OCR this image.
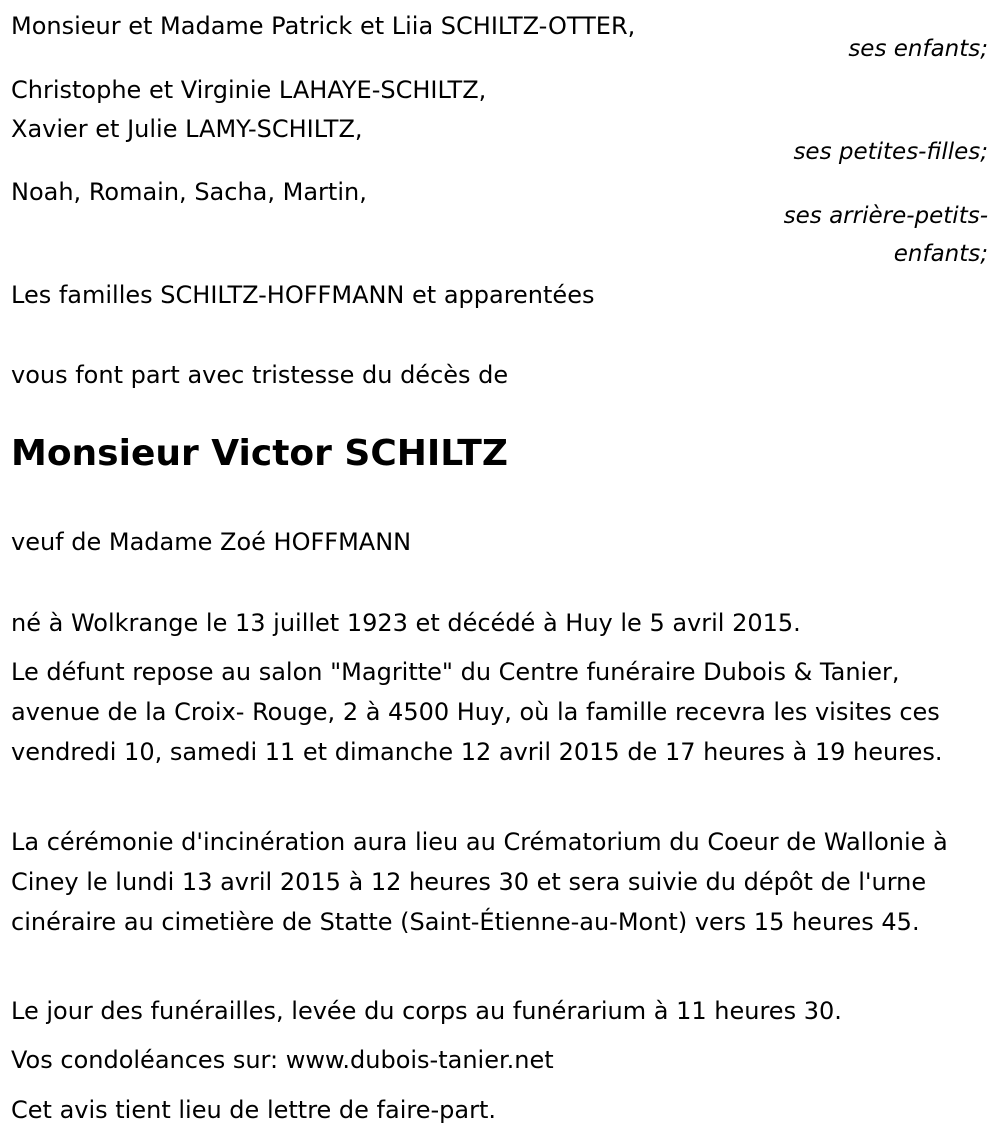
Monsieur et Madame Patrick et Liia SCHILTZ-OTTER,
ses enfants;
Christophe et Virginie LAHAYE-SCHILTZ,
Xavier et Julie LAMY-SCHILTZ,
ses petites-filles;
Noah, Romain, Sacha, Martin,
ses arrière-petits-
enfants;
Les familles SCHILTZ-HOFFMANN et apparentées
vous font part avec tristesse du décès de
Monsieur Victor SCHILTZ
veuf de Madame Zoé HOFFMANN
né à Wolkrange le 13 juillet 1923 et décédé à Huy le 5 avril 2015.
Le défunt repose au salon "Magritte" du Centre funéraire Dubois & Tanier, avenue de la Croix- Rouge, 2 à 4500 Huy, où la famille recevra les visites ces vendredi 10, samedi 11 et dimanche 12 avril 2015 de 17 heures à 19 heures.
La cérémonie d'incinération aura lieu au Crématorium du Coeur de Wallonie à Ciney le lundi 13 avril 2015 à 12 heures 30 et sera suivie du dépôt de l'urne cinéraire au cimetière de Statte (Saint-Étienne-au-Mont) vers 15 heures 45.
Le jour des funérailles, levée du corps au funérarium à 11 heures 30.
Vos condoléances sur: www.dubois-tanier.net
Cet avis tient lieu de lettre de faire-part.
